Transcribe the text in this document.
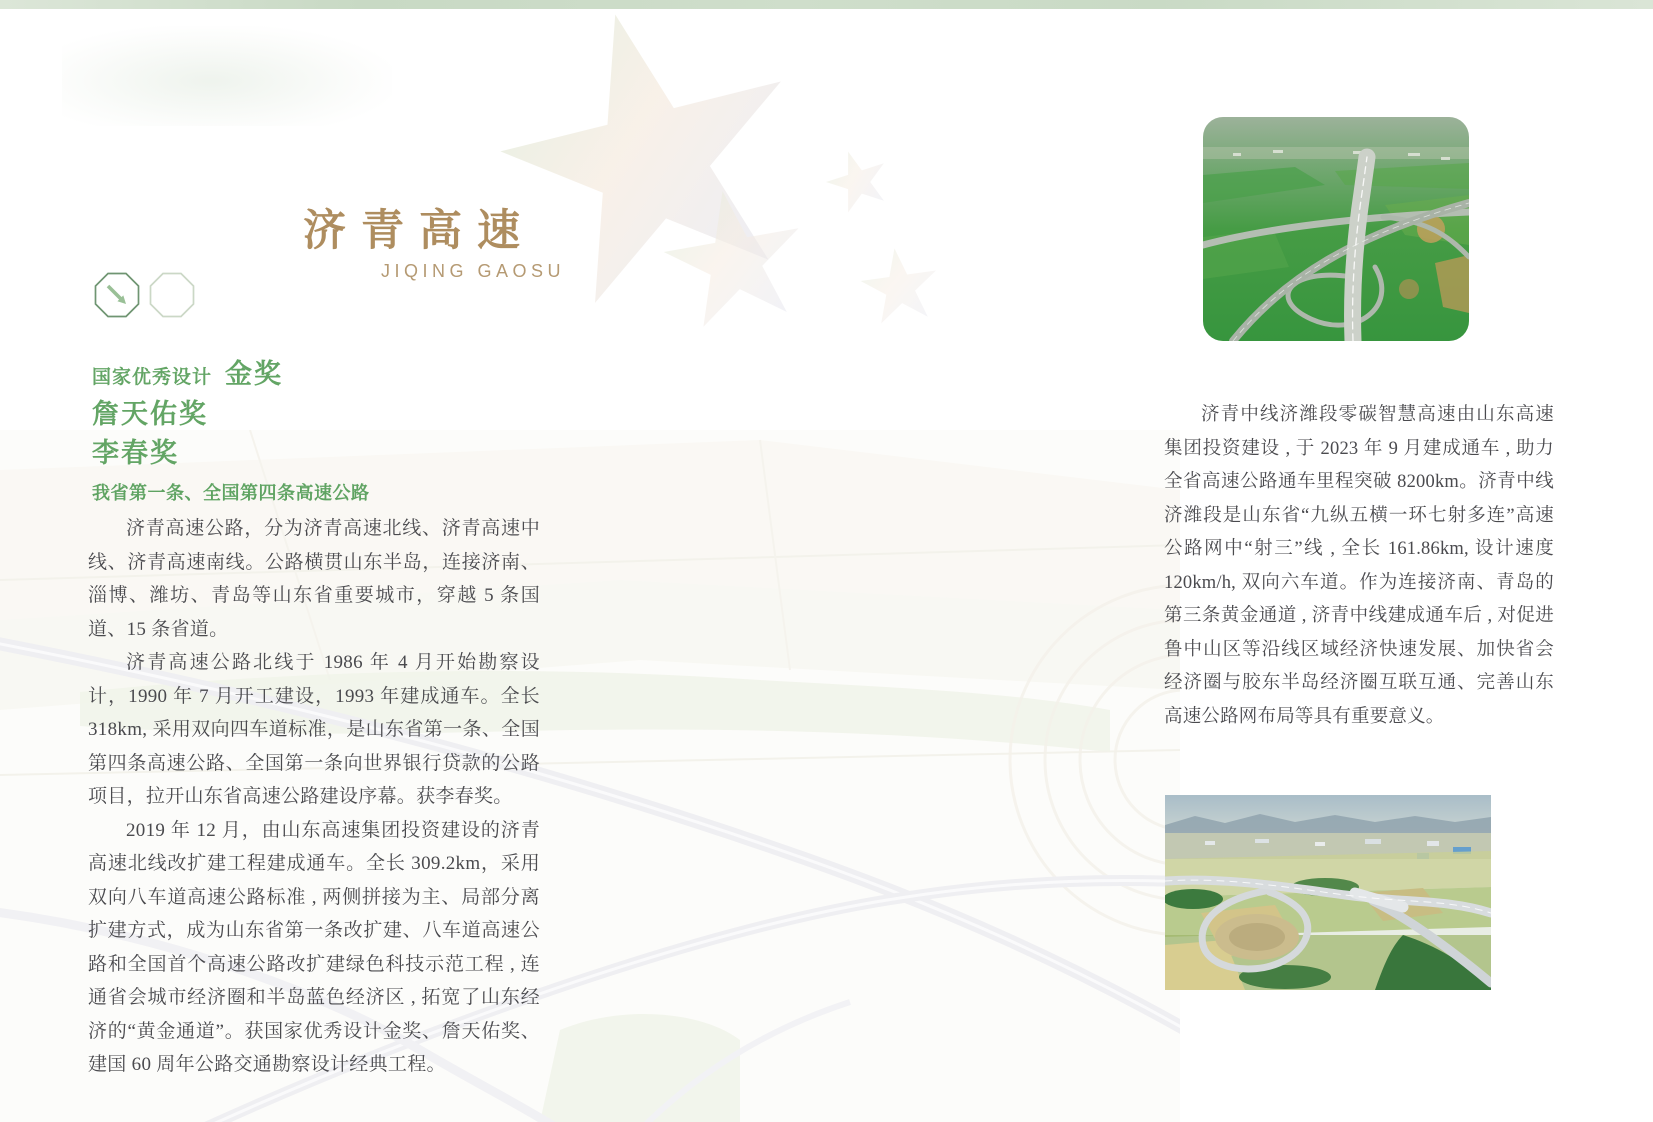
济青高速
JIQING GAOSU
国家优秀设计 金奖
詹天佑奖
李春奖
我省第一条、全国第四条高速公路

济青高速公路，分为济青高速北线、济青高速中线、济青高速南线。公路横贯山东半岛，连接济南、淄博、潍坊、青岛等山东省重要城市，穿越 5 条国道、15 条省道。

济青高速公路北线于 1986 年 4 月开始勘察设计，1990 年 7 月开工建设，1993 年建成通车。全长 318km, 采用双向四车道标准，是山东省第一条、全国第四条高速公路、全国第一条向世界银行贷款的公路项目，拉开山东省高速公路建设序幕。获李春奖。

2019 年 12 月，由山东高速集团投资建设的济青高速北线改扩建工程建成通车。全长 309.2km，采用双向八车道高速公路标准 , 两侧拼接为主、局部分离扩建方式，成为山东省第一条改扩建、八车道高速公路和全国首个高速公路改扩建绿色科技示范工程 , 连通省会城市经济圈和半岛蓝色经济区 , 拓宽了山东经济的“黄金通道”。获国家优秀设计金奖、詹天佑奖、建国 60 周年公路交通勘察设计经典工程。

济青中线济潍段零碳智慧高速由山东高速集团投资建设 , 于 2023 年 9 月建成通车 , 助力全省高速公路通车里程突破 8200km。济青中线济潍段是山东省“九纵五横一环七射多连”高速公路网中“射三”线 , 全长 161.86km, 设计速度 120km/h, 双向六车道。作为连接济南、青岛的第三条黄金通道 , 济青中线建成通车后 , 对促进鲁中山区等沿线区域经济快速发展、加快省会经济圈与胶东半岛经济圈互联互通、完善山东高速公路网布局等具有重要意义。
